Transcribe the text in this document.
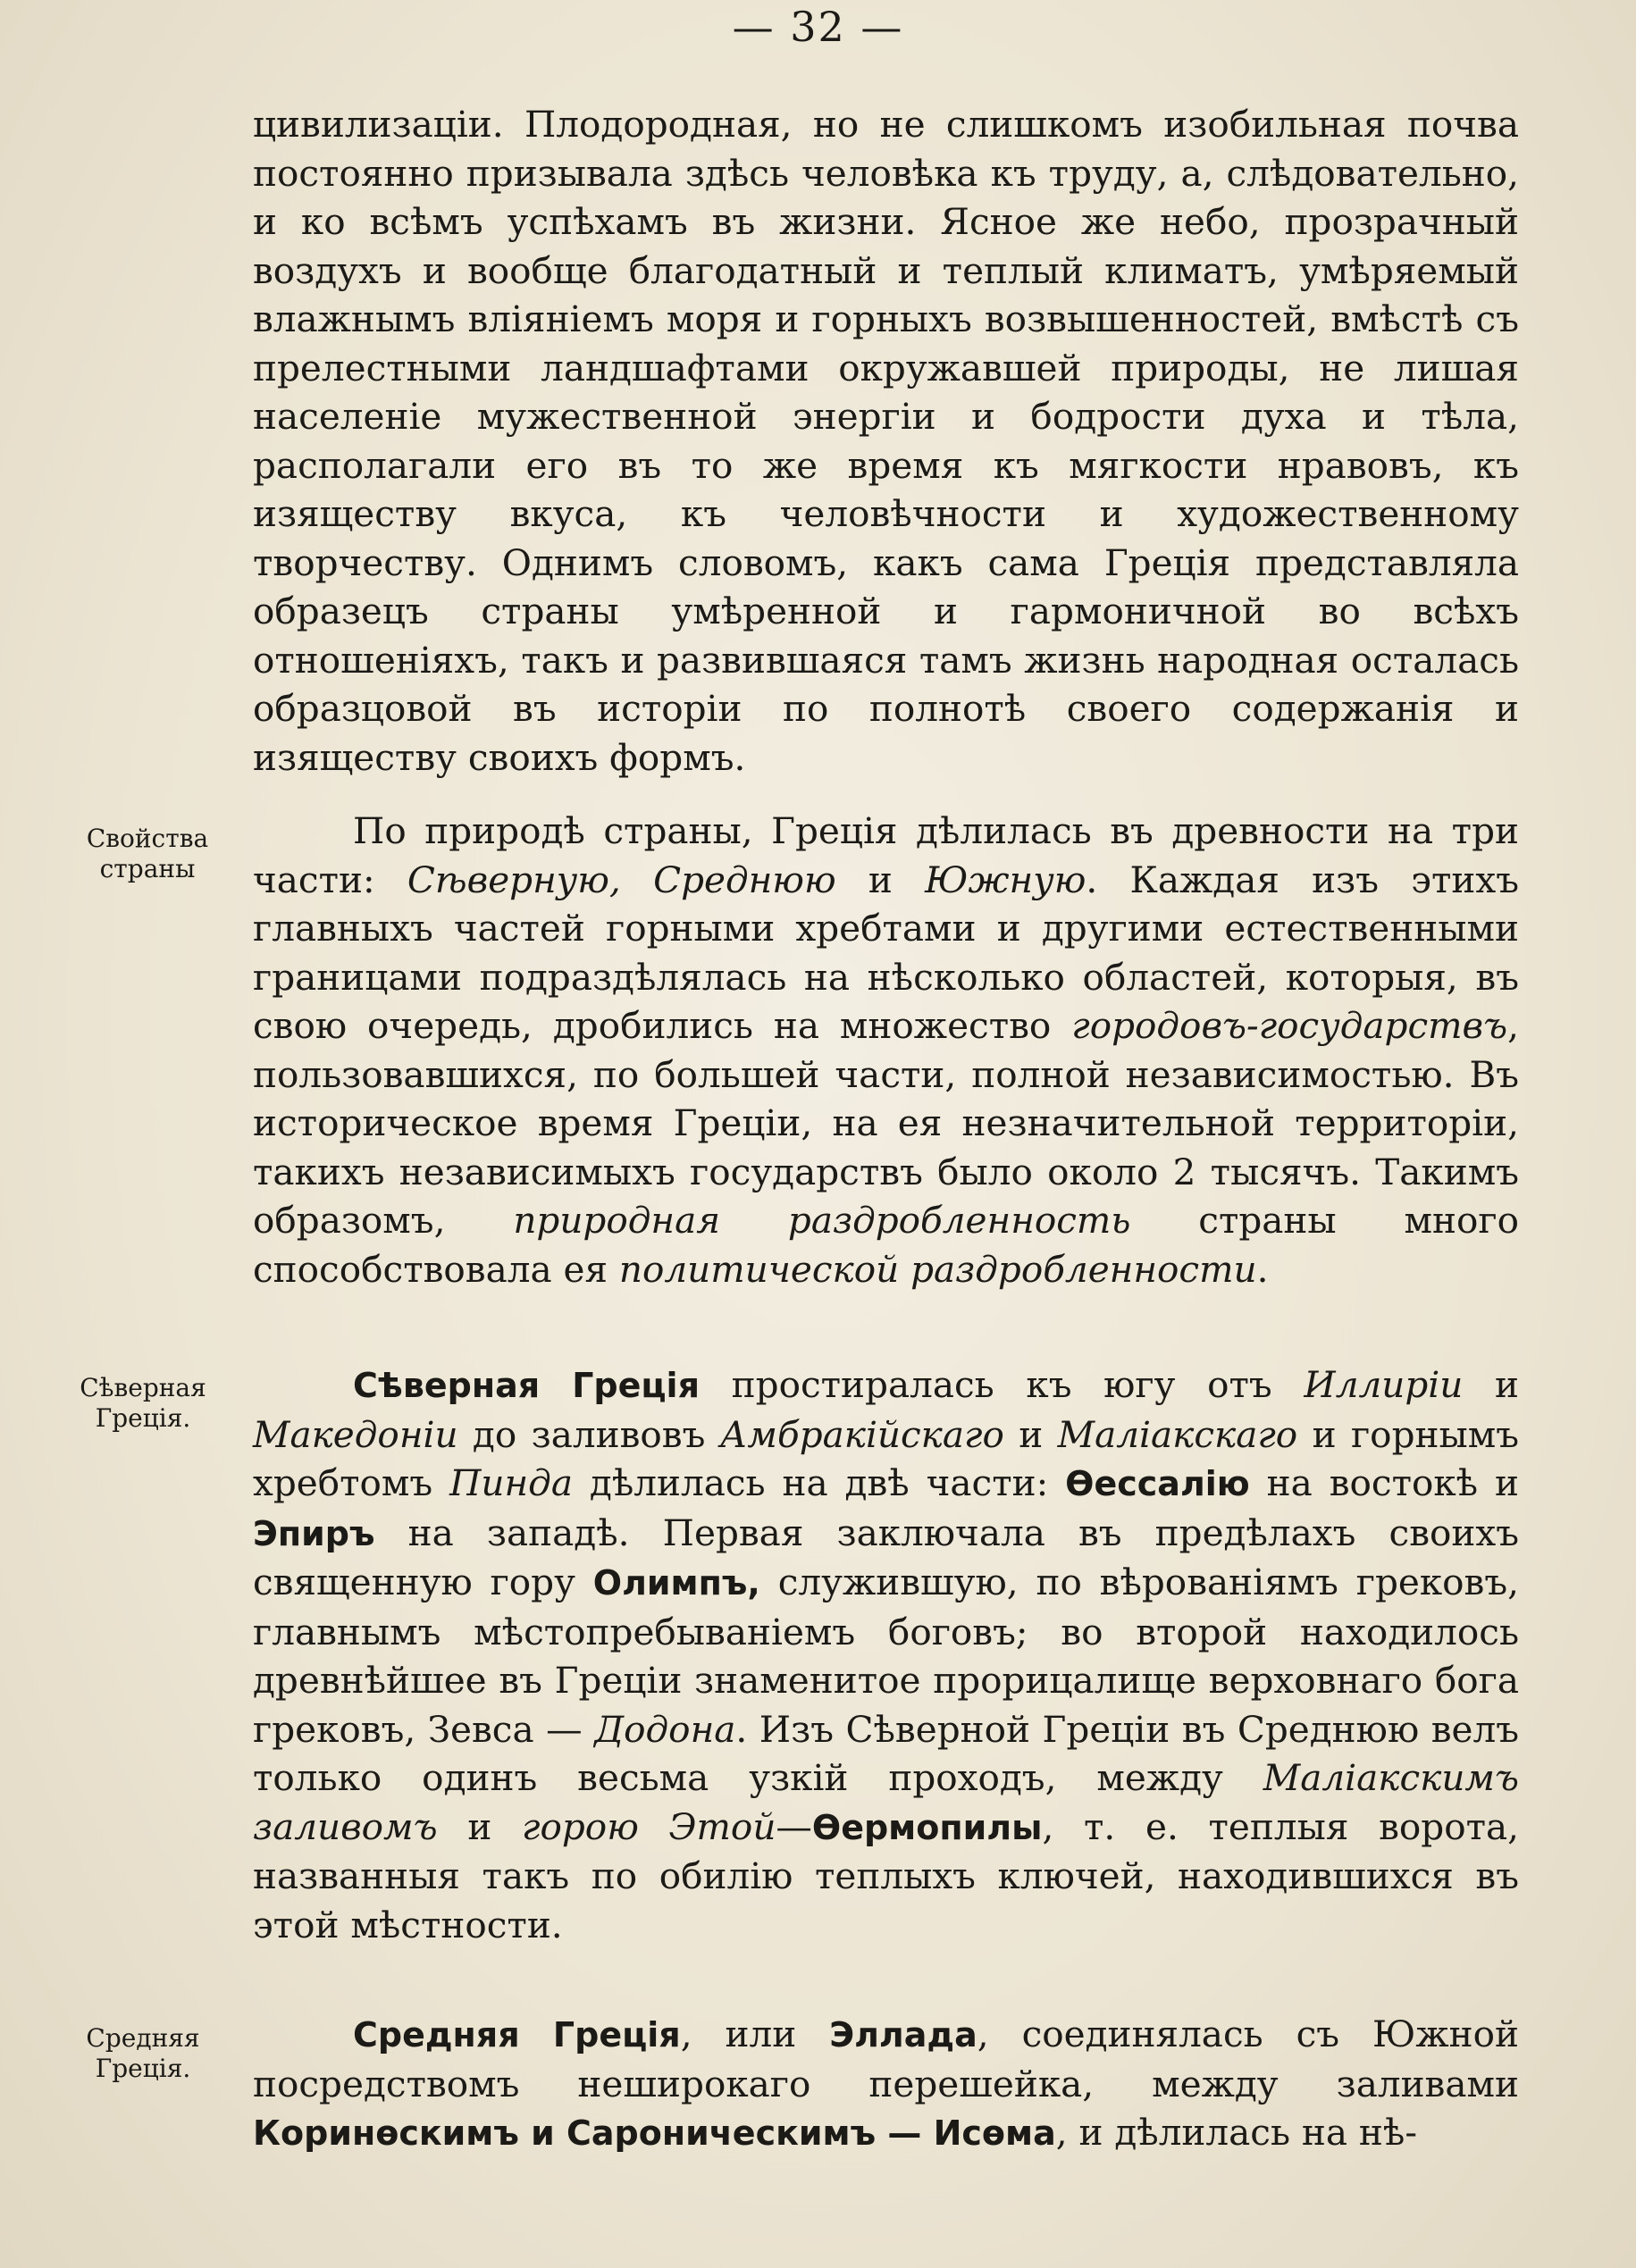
— 32 —

цивилизаціи. Плодородная, но не слишкомъ изобильная почва постоянно призывала здѣсь человѣка къ труду, а, слѣдовательно, и ко всѣмъ успѣхамъ въ жизни. Ясное же небо, прозрачный воздухъ и вообще благодатный и теплый климатъ, умѣряемый влажнымъ вліяніемъ моря и горныхъ возвышенностей, вмѣстѣ съ прелестными ландшафтами окружавшей природы, не лишая населеніе мужественной энергіи и бодрости духа и тѣла, располагали его въ то же время къ мягкости нравовъ, къ изяществу вкуса, къ человѣчности и художественному творчеству. Однимъ словомъ, какъ сама Греція представляла образецъ страны умѣренной и гармоничной во всѣхъ отношеніяхъ, такъ и развившаяся тамъ жизнь народная осталась образцовой въ исторіи по полнотѣ своего содержанія и изяществу своихъ формъ.

Свойства страны

По природѣ страны, Греція дѣлилась въ древности на три части: Сѣверную, Среднюю и Южную. Каждая изъ этихъ главныхъ частей горными хребтами и другими естественными границами подраздѣлялась на нѣсколько областей, которыя, въ свою очередь, дробились на множество городовъ-государствъ, пользовавшихся, по большей части, полной независимостью. Въ историческое время Греціи, на ея незначительной территоріи, такихъ независимыхъ государствъ было около 2 тысячъ. Такимъ образомъ, природная раздробленность страны много способствовала ея политической раздробленности.

Сѣверная Греція.

Сѣверная Греція простиралась къ югу отъ Иллиріи и Македоніи до заливовъ Амбракійскаго и Маліакскаго и горнымъ хребтомъ Пинда дѣлилась на двѣ части: Ѳессалію на востокѣ и Эпиръ на западѣ. Первая заключала въ предѣлахъ своихъ священную гору Олимпъ, служившую, по вѣрованіямъ грековъ, главнымъ мѣстопребываніемъ боговъ; во второй находилось древнѣйшее въ Греціи знаменитое прорицалище верховнаго бога грековъ, Зевса — Додона. Изъ Сѣверной Греціи въ Среднюю велъ только одинъ весьма узкій проходъ, между Маліакскимъ заливомъ и горою Этой—Ѳермопилы, т. е. теплыя ворота, названныя такъ по обилію теплыхъ ключей, находившихся въ этой мѣстности.

Средняя Греція.

Средняя Греція, или Эллада, соединялась съ Южной посредствомъ неширокаго перешейка, между заливами Коринѳскимъ и Сароническимъ — Исѳма, и дѣлилась на нѣ-
